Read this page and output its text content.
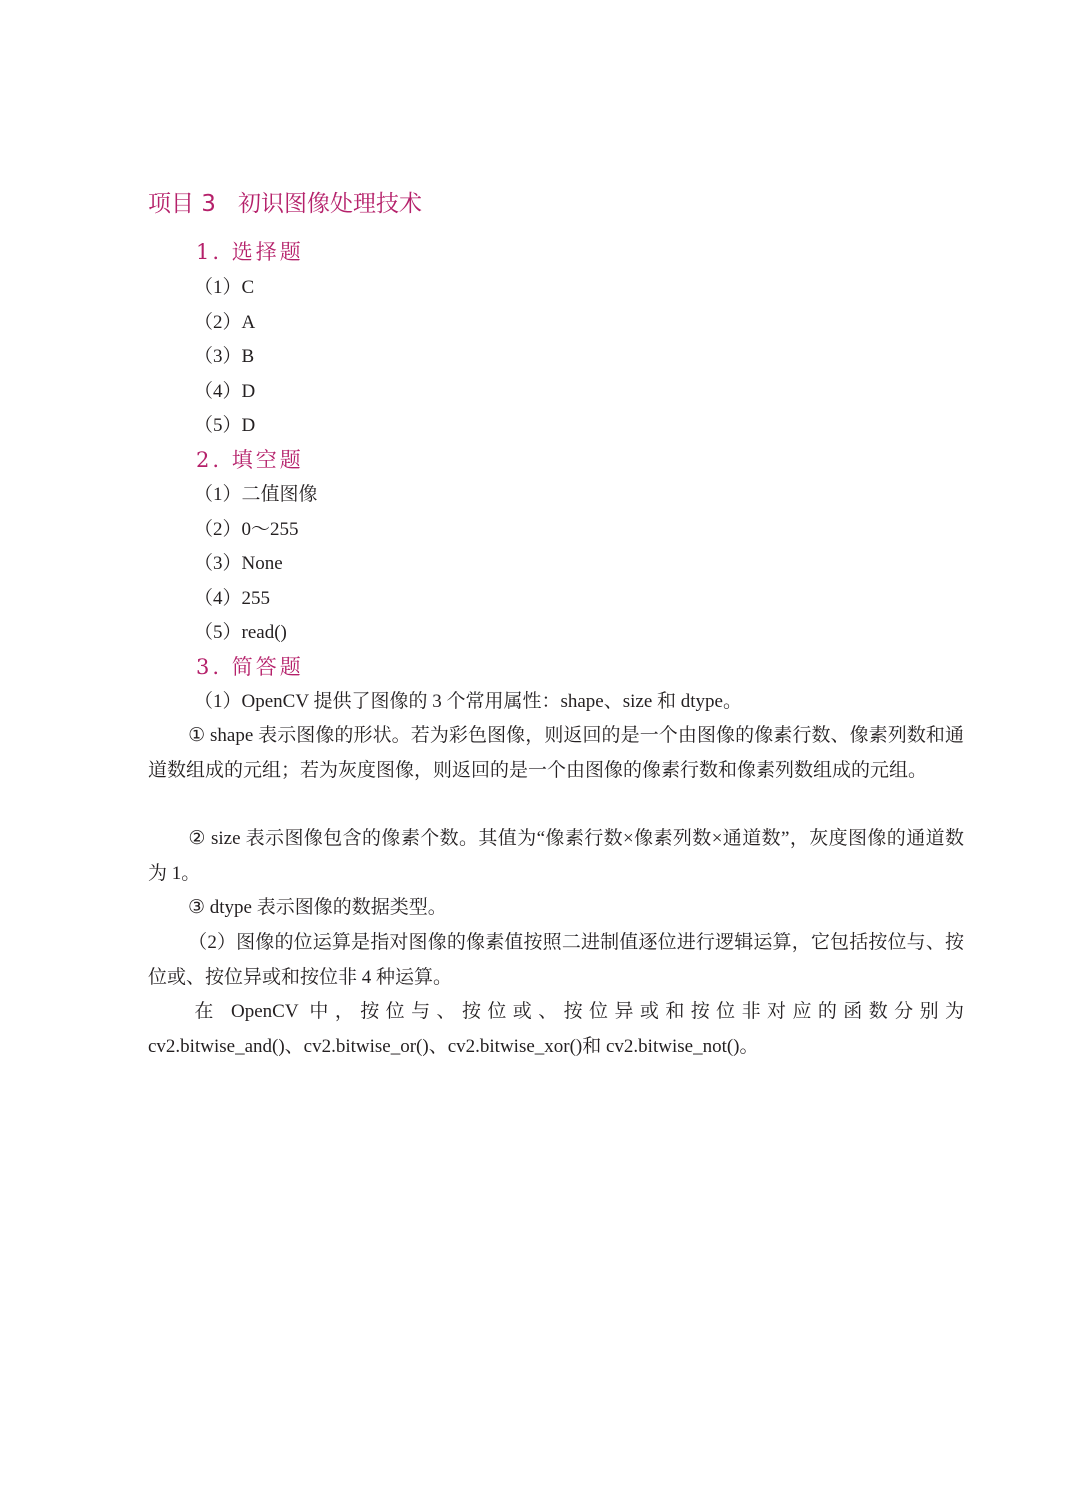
项目 3 初识图像处理技术
1. 选择题
（1）C
（2）A
（3）B
（4）D
（5）D
2. 填空题
（1）二值图像
（2）0～255
（3）None
（4）255
（5）read()
3. 简答题
（1）OpenCV 提供了图像的 3 个常用属性：shape、size 和 dtype。
① shape 表示图像的形状。若为彩色图像，则返回的是一个由图像的像素行数、像素列数和通道数组成的元组；若为灰度图像，则返回的是一个由图像的像素行数和像素列数组成的元组。
② size 表示图像包含的像素个数。其值为“像素行数×像素列数×通道数”，灰度图像的通道数为 1。
③ dtype 表示图像的数据类型。
（2）图像的位运算是指对图像的像素值按照二进制值逐位进行逻辑运算，它包括按位与、按位或、按位异或和按位非 4 种运算。
在 OpenCV 中，按位与、按位或、按位异或和按位非对应的函数分别为
cv2.bitwise_and()、cv2.bitwise_or()、cv2.bitwise_xor()和 cv2.bitwise_not()。
